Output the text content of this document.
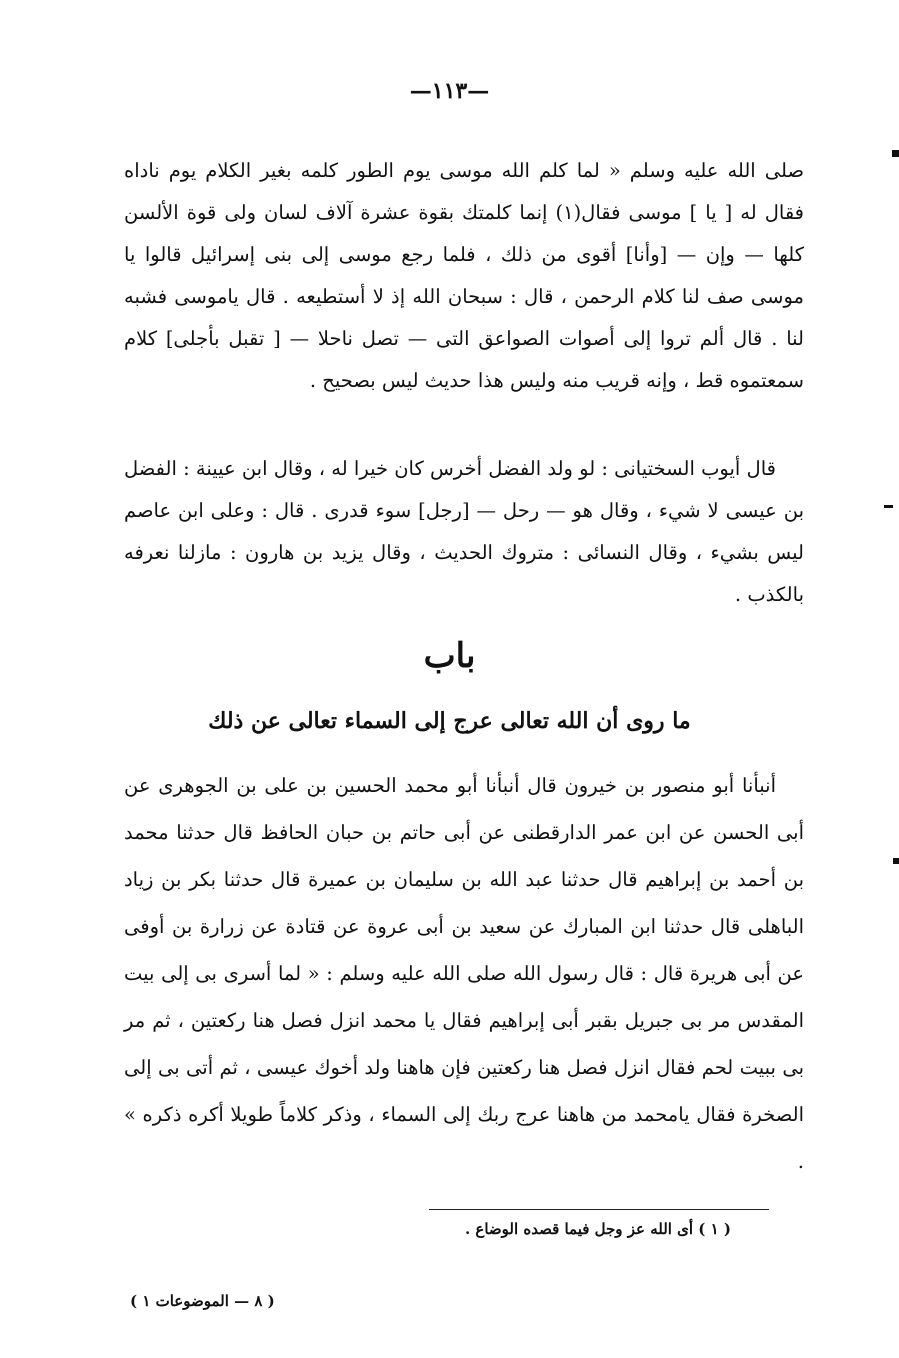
—١١٣—

صلى الله عليه وسلم « لما كلم الله موسى يوم الطور كلمه بغير الكلام يوم ناداه فقال له [ يا ] موسى فقال(١) إنما كلمتك بقوة عشرة آلاف لسان ولى قوة الألسن كلها — وإن — [وأنا] أقوى من ذلك ، فلما رجع موسى إلى بنى إسرائيل قالوا يا موسى صف لنا كلام الرحمن ، قال : سبحان الله إذ لا أستطيعه . قال ياموسى فشبه لنا . قال ألم تروا إلى أصوات الصواعق التى — تصل ناحلا — [ تقبل بأجلى] كلام سمعتموه قط ، وإنه قريب منه وليس هذا حديث ليس بصحيح .

قال أيوب السختيانى : لو ولد الفضل أخرس كان خيرا له ، وقال ابن عيينة : الفضل بن عيسى لا شيء ، وقال هو — رحل — [رجل] سوء قدرى . قال : وعلى ابن عاصم ليس بشيء ، وقال النسائى : متروك الحديث ، وقال يزيد بن هارون : مازلنا نعرفه بالكذب .

باب
ما روى أن الله تعالى عرج إلى السماء تعالى عن ذلك

أنبأنا أبو منصور بن خيرون قال أنبأنا أبو محمد الحسين بن على بن الجوهرى عن أبى الحسن عن ابن عمر الدارقطنى عن أبى حاتم بن حبان الحافظ قال حدثنا محمد بن أحمد بن إبراهيم قال حدثنا عبد الله بن سليمان بن عميرة قال حدثنا بكر بن زياد الباهلى قال حدثنا ابن المبارك عن سعيد بن أبى عروة عن قتادة عن زرارة بن أوفى عن أبى هريرة قال : قال رسول الله صلى الله عليه وسلم : « لما أسرى بى إلى بيت المقدس مر بى جبريل بقبر أبى إبراهيم فقال يا محمد انزل فصل هنا ركعتين ، ثم مر بى ببيت لحم فقال انزل فصل هنا ركعتين فإن هاهنا ولد أخوك عيسى ، ثم أتى بى إلى الصخرة فقال يامحمد من هاهنا عرج ربك إلى السماء ، وذكر كلاماً طويلا أكره ذكره » .

( ١ ) أى الله عز وجل فيما قصده الوضاع .
( ٨ — الموضوعات ١ )
